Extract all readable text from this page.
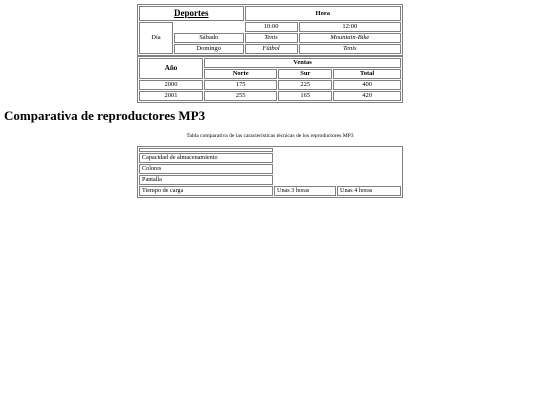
Deportes		Hora	
Día		10:00	12:00
	Sábado	Tenis	Mountain-Bike
	Domingo	Fútbol	Tenis
Año	Ventas		
	Norte	Sur	Total
2000	175	225	400
2001	255	165	420
Comparativa de reproductores MP3
Tabla comparativa de las características técnicas de los reproductores MP3

Capacidad de almacenamiento		
Colores		
Pantalla		
Tiempo de carga	Unas 3 horas	Unas 4 horas
